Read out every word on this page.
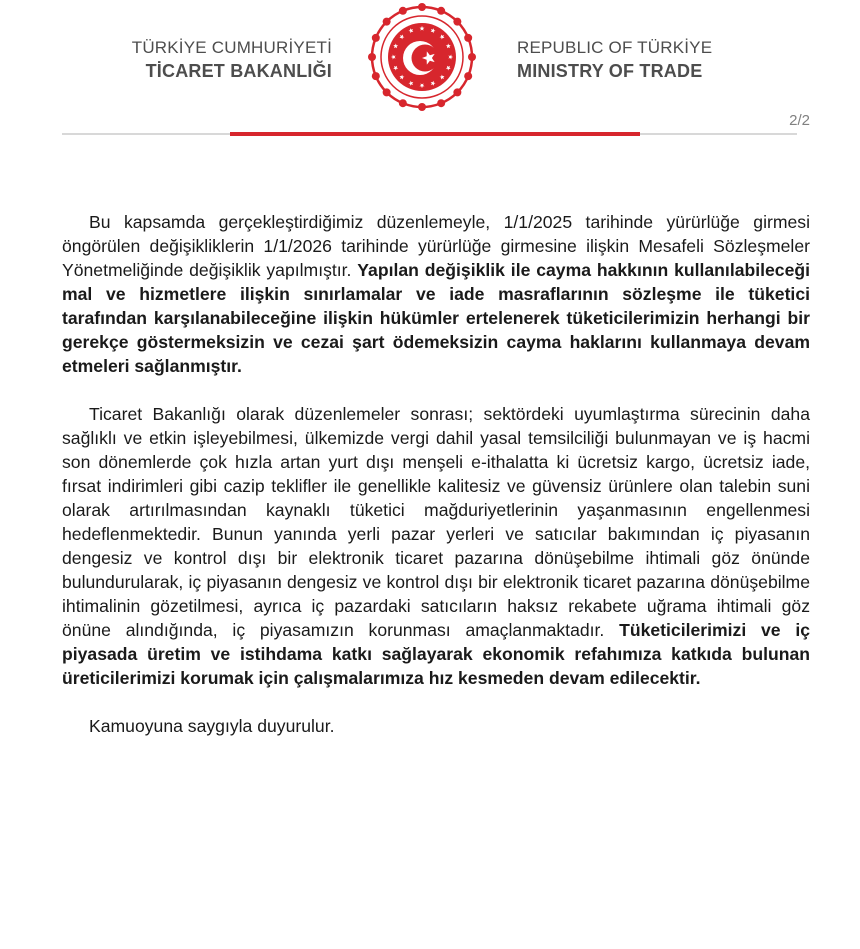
TÜRKİYE CUMHURİYETİ
TİCARET BAKANLIĞI
REPUBLIC OF TÜRKİYE
MINISTRY OF TRADE
2/2

Bu kapsamda gerçekleştirdiğimiz düzenlemeyle, 1/1/2025 tarihinde yürürlüğe girmesi öngörülen değişikliklerin 1/1/2026 tarihinde yürürlüğe girmesine ilişkin Mesafeli Sözleşmeler Yönetmeliğinde değişiklik yapılmıştır. Yapılan değişiklik ile cayma hakkının kullanılabileceği mal ve hizmetlere ilişkin sınırlamalar ve iade masraflarının sözleşme ile tüketici tarafından karşılanabileceğine ilişkin hükümler ertelenerek tüketicilerimizin herhangi bir gerekçe göstermeksizin ve cezai şart ödemeksizin cayma haklarını kullanmaya devam etmeleri sağlanmıştır.

Ticaret Bakanlığı olarak düzenlemeler sonrası; sektördeki uyumlaştırma sürecinin daha sağlıklı ve etkin işleyebilmesi, ülkemizde vergi dahil yasal temsilciliği bulunmayan ve iş hacmi son dönemlerde çok hızla artan yurt dışı menşeli e-ithalatta ki ücretsiz kargo, ücretsiz iade, fırsat indirimleri gibi cazip teklifler ile genellikle kalitesiz ve güvensiz ürünlere olan talebin suni olarak artırılmasından kaynaklı tüketici mağduriyetlerinin yaşanmasının engellenmesi hedeflenmektedir. Bunun yanında yerli pazar yerleri ve satıcılar bakımından iç piyasanın dengesiz ve kontrol dışı bir elektronik ticaret pazarına dönüşebilme ihtimali göz önünde bulundurularak, iç piyasanın dengesiz ve kontrol dışı bir elektronik ticaret pazarına dönüşebilme ihtimalinin gözetilmesi, ayrıca iç pazardaki satıcıların haksız rekabete uğrama ihtimali göz önüne alındığında, iç piyasamızın korunması amaçlanmaktadır. Tüketicilerimizi ve iç piyasada üretim ve istihdama katkı sağlayarak ekonomik refahımıza katkıda bulunan üreticilerimizi korumak için çalışmalarımıza hız kesmeden devam edilecektir.

Kamuoyuna saygıyla duyurulur.
